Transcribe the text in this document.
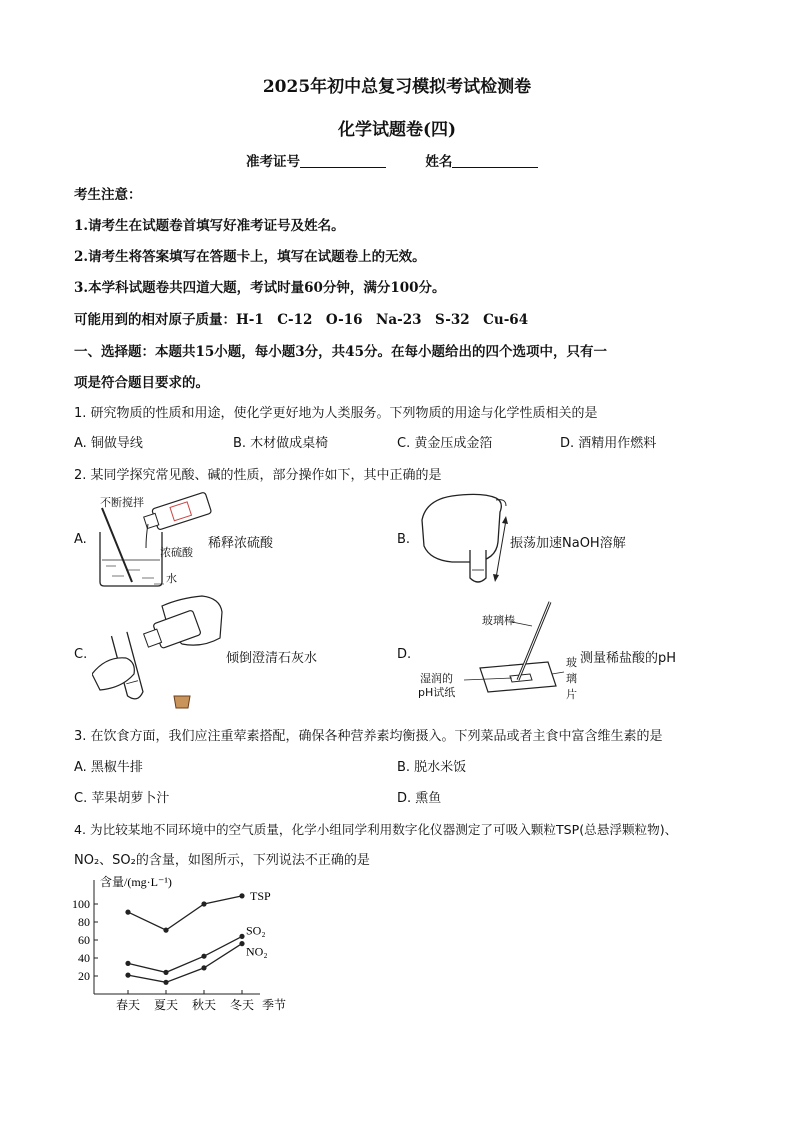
2025年初中总复习模拟考试检测卷
化学试题卷(四)
准考证号	姓名
考生注意：
1.请考生在试题卷首填写好准考证号及姓名。
2.请考生将答案填写在答题卡上，填写在试题卷上的无效。
3.本学科试题卷共四道大题，考试时量60分钟，满分100分。
可能用到的相对原子质量：H-1　C-12　O-16　Na-23　S-32　Cu-64
一、选择题：本题共15小题，每小题3分，共45分。在每小题给出的四个选项中，只有一
项是符合题目要求的。
1. 研究物质的性质和用途，使化学更好地为人类服务。下列物质的用途与化学性质相关的是
A. 铜做导线	B. 木材做成桌椅	C. 黄金压成金箔	D. 酒精用作燃料
2. 某同学探究常见酸、碱的性质，部分操作如下，其中正确的是
A.
不断搅拌
浓硫酸
水
稀释浓硫酸	B.	振荡加速NaOH溶解
C.	倾倒澄清石灰水	D.
玻璃棒
湿润的
pH试纸
玻
璃
片
测量稀盐酸的pH
3. 在饮食方面，我们应注重荤素搭配，确保各种营养素均衡摄入。下列菜品或者主食中富含维生素的是
A. 黑椒牛排	B. 脱水米饭
C. 苹果胡萝卜汁	D. 熏鱼
4. 为比较某地不同环境中的空气质量，化学小组同学利用数字化仪器测定了可吸入颗粒TSP(总悬浮颗粒物)、
NO₂、SO₂的含量，如图所示，下列说法不正确的是
20
40
60
80
100
春天 夏天 秋天 冬天
TSP
SO₂
NO₂
含量/(mg·L⁻¹)
季节
